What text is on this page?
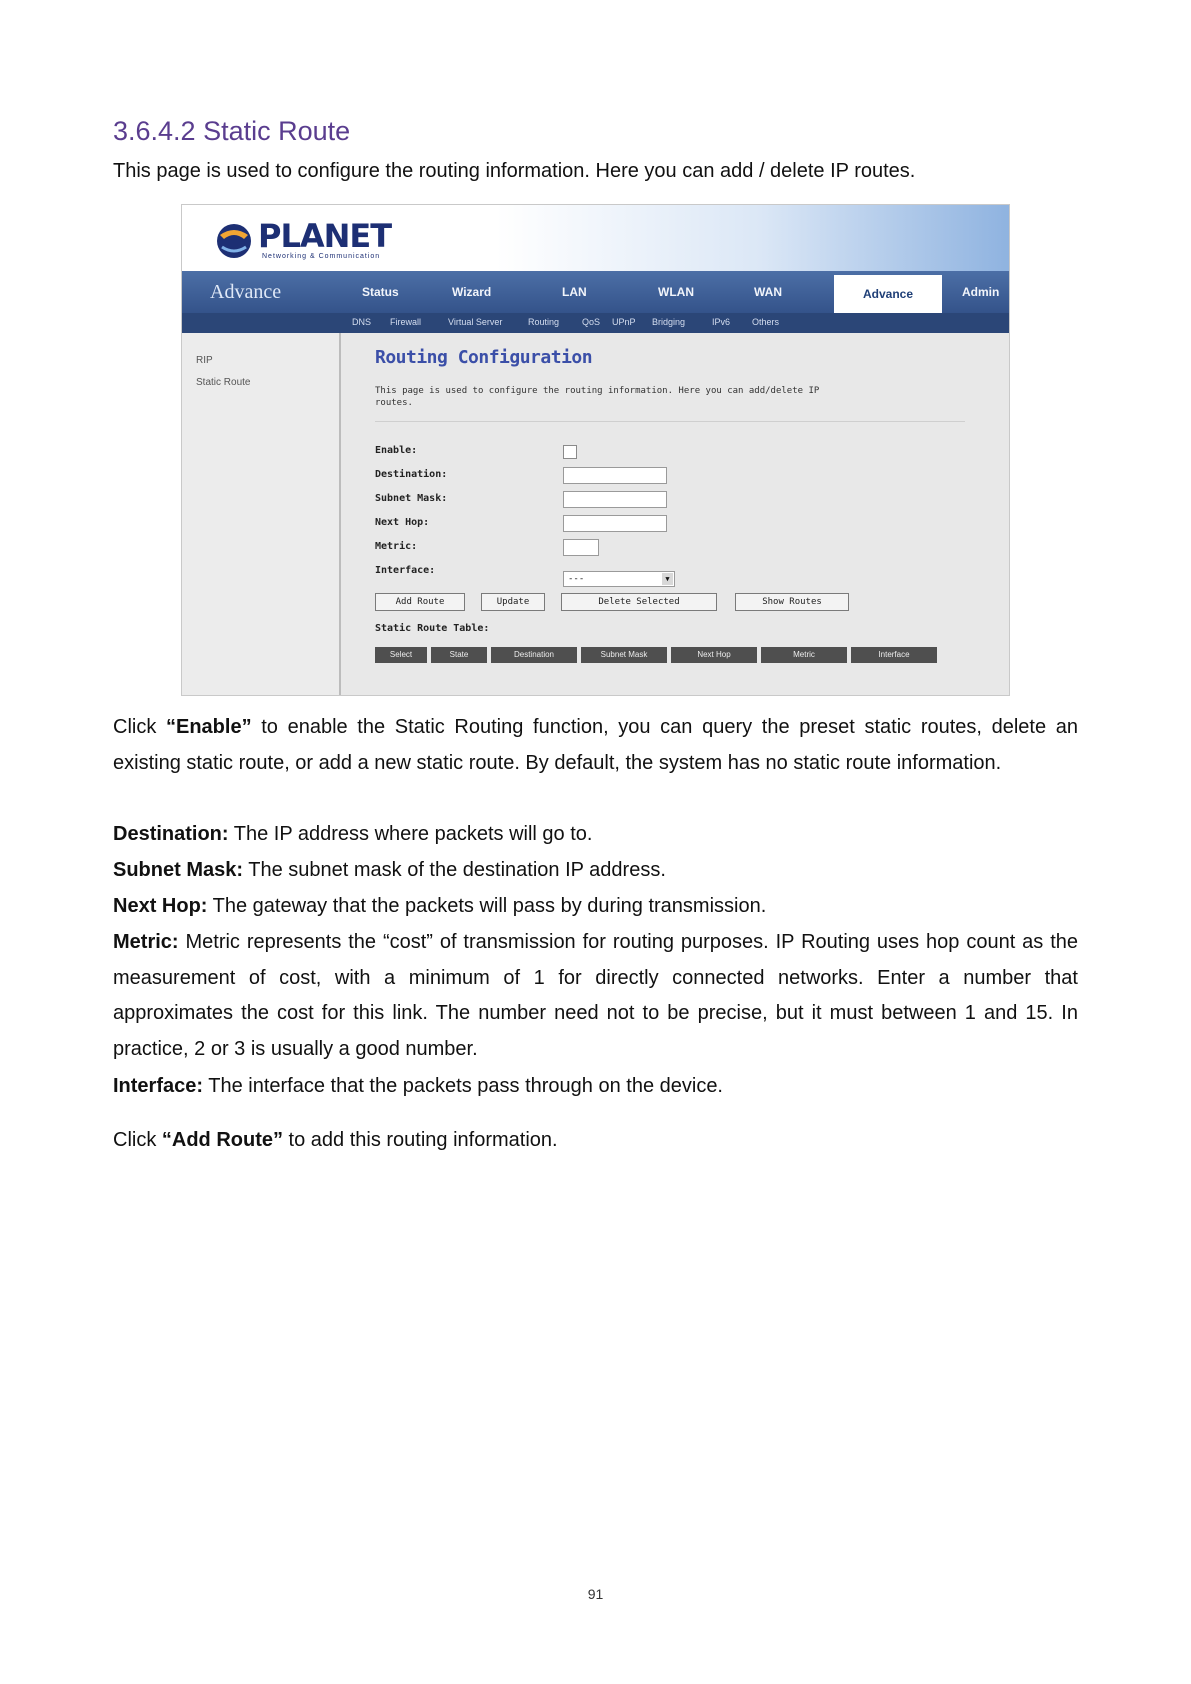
3.6.4.2 Static Route
This page is used to configure the routing information. Here you can add / delete IP routes.
PLANET
Networking & Communication
Advance	Status	Wizard	LAN	WLAN	WAN	Advance	Admin
DNS Firewall	Virtual Server	Routing	QoS UPnP Bridging	IPv6 Others
RIP
Static Route
Routing Configuration
This page is used to configure the routing information. Here you can add/delete IP routes.
Enable:
Destination:
Subnet Mask:
Next Hop:
Metric:
Interface:
---	▼
Add Route	Update	Delete Selected	Show Routes
Static Route Table:
Select	State	Destination	Subnet Mask	Next Hop	Metric	Interface
Click “Enable” to enable the Static Routing function, you can query the preset static routes, delete an existing static route, or add a new static route. By default, the system has no static route information.
Destination: The IP address where packets will go to.
Subnet Mask: The subnet mask of the destination IP address.
Next Hop: The gateway that the packets will pass by during transmission.
Metric: Metric represents the “cost” of transmission for routing purposes. IP Routing uses hop count as the measurement of cost, with a minimum of 1 for directly connected networks. Enter a number that approximates the cost for this link. The number need not to be precise, but it must between 1 and 15. In practice, 2 or 3 is usually a good number.
Interface: The interface that the packets pass through on the device.
Click “Add Route” to add this routing information.
91
